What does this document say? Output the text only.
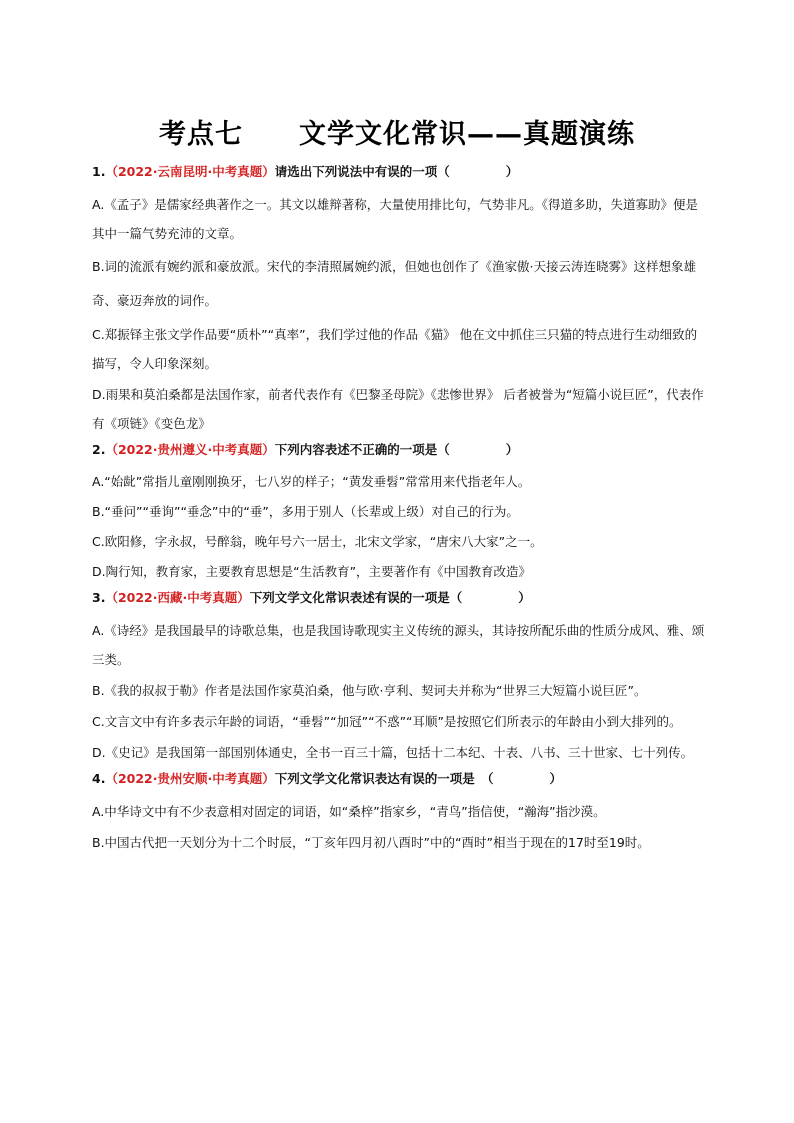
考点七　　文学文化常识——真题演练
1.（2022·云南昆明·中考真题）请选出下列说法中有误的一项（	）
A.《孟子》是儒家经典著作之一。其文以雄辩著称，大量使用排比句，气势非凡。《得道多助，失道寡助》便是其中一篇气势充沛的文章。
B.词的流派有婉约派和豪放派。宋代的李清照属婉约派，但她也创作了《渔家傲·天接云涛连晓雾》这样想象雄奇、豪迈奔放的词作。
C.郑振铎主张文学作品要“质朴”“真率”，我们学过他的作品《猫》 他在文中抓住三只猫的特点进行生动细致的描写，令人印象深刻。
D.雨果和莫泊桑都是法国作家，前者代表作有《巴黎圣母院》《悲惨世界》 后者被誉为“短篇小说巨匠”，代表作有《项链》《变色龙》
2.（2022·贵州遵义·中考真题）下列内容表述不正确的一项是（	）
A.“始龀”常指儿童刚刚换牙，七八岁的样子；“黄发垂髫”常常用来代指老年人。
B.“垂问”“垂询”“垂念”中的“垂”，多用于别人（长辈或上级）对自己的行为。
C.欧阳修，字永叔，号醉翁，晚年号六一居士，北宋文学家，“唐宋八大家”之一。
D.陶行知，教育家，主要教育思想是“生活教育”，主要著作有《中国教育改造》
3.（2022·西藏·中考真题）下列文学文化常识表述有误的一项是（	）
A.《诗经》是我国最早的诗歌总集，也是我国诗歌现实主义传统的源头，其诗按所配乐曲的性质分成风、雅、颂三类。
B.《我的叔叔于勒》作者是法国作家莫泊桑，他与欧·亨利、契诃夫并称为“世界三大短篇小说巨匠”。
C.文言文中有许多表示年龄的词语，“垂髫”“加冠”“不惑”“耳顺”是按照它们所表示的年龄由小到大排列的。
D.《史记》是我国第一部国别体通史，全书一百三十篇，包括十二本纪、十表、八书、三十世家、七十列传。
4.（2022·贵州安顺·中考真题）下列文学文化常识表达有误的一项是　（	）
A.中华诗文中有不少表意相对固定的词语，如“桑梓”指家乡，“青鸟”指信使，“瀚海”指沙漠。
B.中国古代把一天划分为十二个时辰，“丁亥年四月初八酉时”中的“酉时”相当于现在的17时至19时。
